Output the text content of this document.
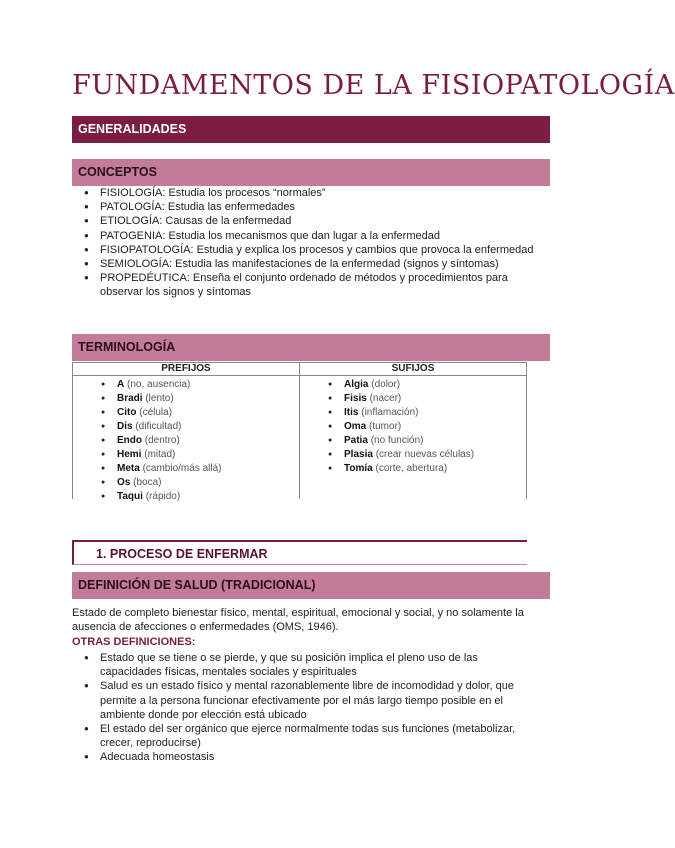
FUNDAMENTOS DE LA FISIOPATOLOGÍA
GENERALIDADES
CONCEPTOS
● FISIOLOGÍA: Estudia los procesos “normales”
● PATOLOGÍA: Estudia las enfermedades
● ETIOLOGÍA: Causas de la enfermedad
● PATOGENIA: Estudia los mecanismos que dan lugar a la enfermedad
● FISIOPATOLOGÍA: Estudia y explica los procesos y cambios que provoca la enfermedad
● SEMIOLOGÍA: Estudia las manifestaciones de la enfermedad (signos y síntomas)
● PROPEDÉUTICA: Enseña el conjunto ordenado de métodos y procedimientos para observar los signos y síntomas
TERMINOLOGÍA
PREFIJOS
● A (no, ausencia)
● Bradi (lento)
● Cito (célula)
● Dis (dificultad)
● Endo (dentro)
● Hemi (mitad)
● Meta (cambio/más allá)
● Os (boca)
● Taqui (rápido)
SUFIJOS
● Algia (dolor)
● Fisis (nacer)
● Itis (inflamación)
● Oma (tumor)
● Patia (no función)
● Plasia (crear nuevas células)
● Tomía (corte, abertura)
1. PROCESO DE ENFERMAR
DEFINICIÓN DE SALUD (TRADICIONAL)

Estado de completo bienestar físico, mental, espiritual, emocional y social, y no solamente la ausencia de afecciones o enfermedades (OMS, 1946).

OTRAS DEFINICIONES:

● Estado que se tiene o se pierde, y que su posición implica el pleno uso de las capacidades físicas, mentales sociales y espirituales
● Salud es un estado físico y mental razonablemente libre de incomodidad y dolor, que permite a la persona funcionar efectivamente por el más largo tiempo posible en el ambiente donde por elección está ubicado
● El estado del ser orgánico que ejerce normalmente todas sus funciones (metabolizar, crecer, reproducirse)
● Adecuada homeostasis
